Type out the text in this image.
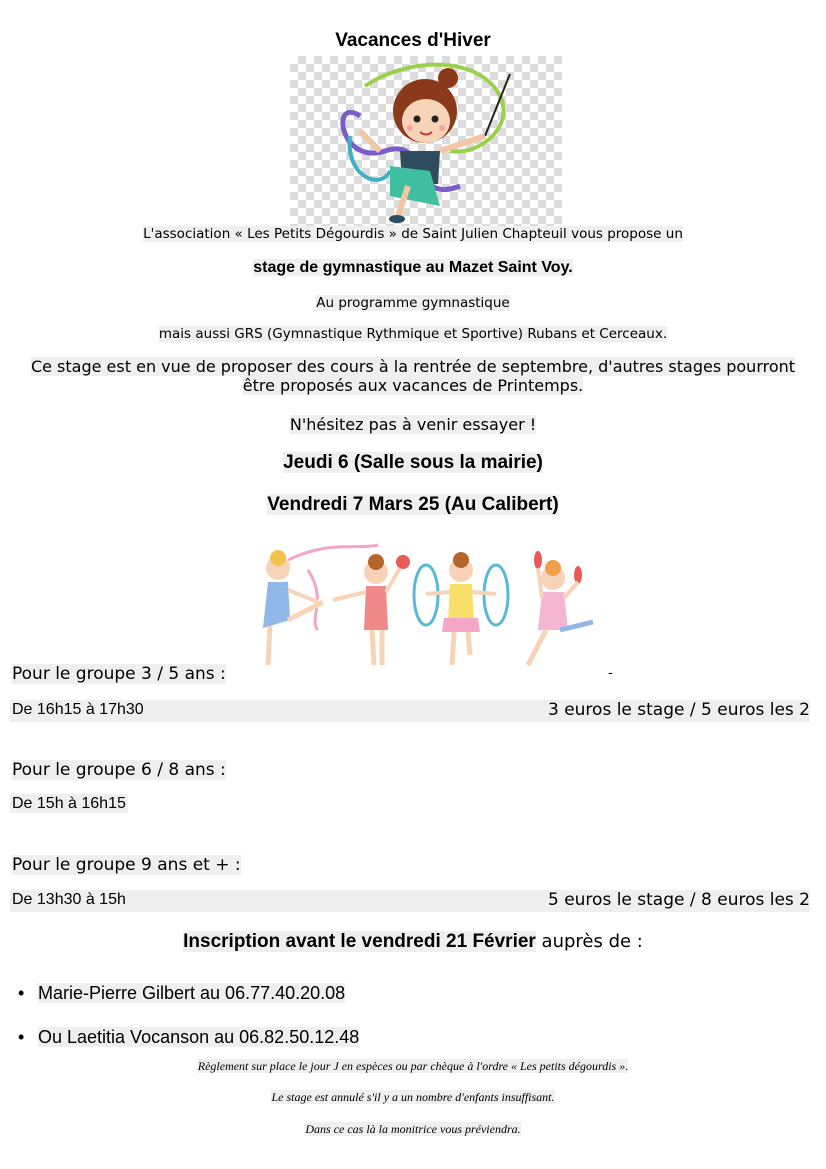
Vacances d'Hiver
L'association « Les Petits Dégourdis » de Saint Julien Chapteuil vous propose un
stage de gymnastique au Mazet Saint Voy.
Au programme gymnastique
mais aussi GRS (Gymnastique Rythmique et Sportive) Rubans et Cerceaux.
Ce stage est en vue de proposer des cours à la rentrée de septembre, d'autres stages pourront
être proposés aux vacances de Printemps.
N'hésitez pas à venir essayer !
Jeudi 6 (Salle sous la mairie)
Vendredi 7 Mars 25 (Au Calibert)
Pour le groupe 3 / 5 ans :	-
De 16h15 à 17h30	3 euros le stage / 5 euros les 2
Pour le groupe 6 / 8 ans :
De 15h à 16h15
Pour le groupe 9 ans et + :
De 13h30 à 15h	5 euros le stage / 8 euros les 2
Inscription avant le vendredi 21 Février auprès de :
• Marie-Pierre Gilbert au 06.77.40.20.08
• Ou Laetitia Vocanson au 06.82.50.12.48
Règlement sur place le jour J en espèces ou par chèque à l'ordre « Les petits dégourdis ».
Le stage est annulé s'il y a un nombre d'enfants insuffisant.
Dans ce cas là la monitrice vous préviendra.
